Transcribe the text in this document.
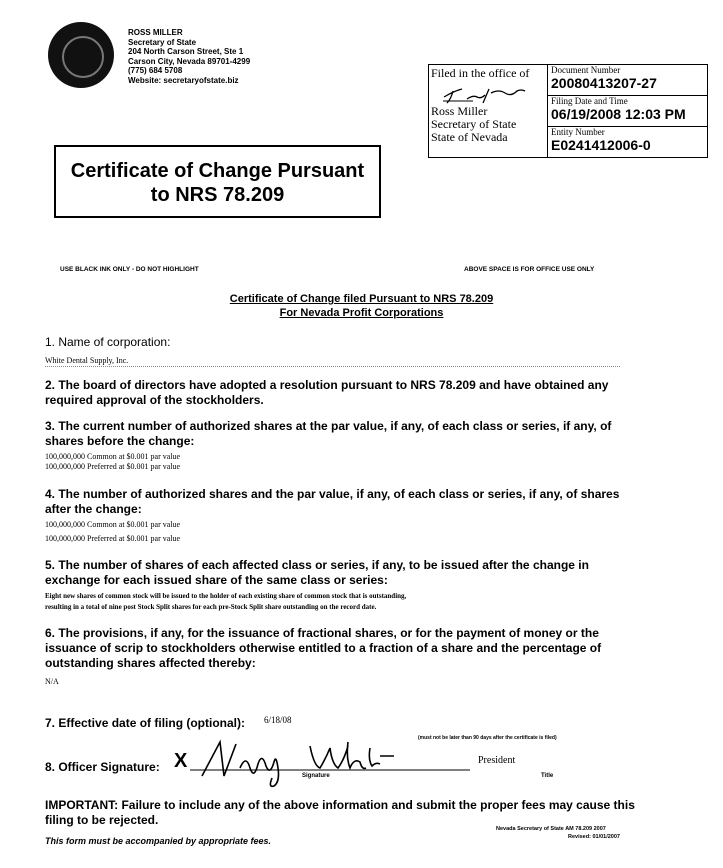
ROSS MILLER
Secretary of State
204 North Carson Street, Ste 1
Carson City, Nevada 89701-4299
(775) 684 5708
Website: secretaryofstate.biz	Filed in the office of
Ross Miller
Secretary of State
State of Nevada
Document Number
20080413207-27
Filing Date and Time
06/19/2008 12:03 PM
Entity Number
E0241412006-0
Certificate of Change Pursuant
to NRS 78.209
USE BLACK INK ONLY - DO NOT HIGHLIGHT	ABOVE SPACE IS FOR OFFICE USE ONLY
Certificate of Change filed Pursuant to NRS 78.209
For Nevada Profit Corporations
1. Name of corporation:
White Dental Supply, Inc.
2. The board of directors have adopted a resolution pursuant to NRS 78.209 and have obtained any required approval of the stockholders.
3. The current number of authorized shares at the par value, if any, of each class or series, if any, of shares before the change:
100,000,000 Common at $0.001 par value
100,000,000 Preferred at $0.001 par value
4. The number of authorized shares and the par value, if any, of each class or series, if any, of shares after the change:
100,000,000 Common at $0.001 par value
100,000,000 Preferred at $0.001 par value
5. The number of shares of each affected class or series, if any, to be issued after the change in exchange for each issued share of the same class or series:
Eight new shares of common stock will be issued to the holder of each existing share of common stock that is outstanding,
resulting in a total of nine post Stock Split shares for each pre-Stock Split share outstanding on the record date.
6. The provisions, if any, for the issuance of fractional shares, or for the payment of money or the issuance of scrip to stockholders otherwise entitled to a fraction of a share and the percentage of outstanding shares affected thereby:
N/A
7. Effective date of filing (optional): 6/18/08
(must not be later than 90 days after the certificate is filed)
8. Officer Signature: X
Signature
President
Title
IMPORTANT: Failure to include any of the above information and submit the proper fees may cause this filing to be rejected.
This form must be accompanied by appropriate fees.
Nevada Secretary of State AM 78.209 2007
Revised: 01/01/2007
